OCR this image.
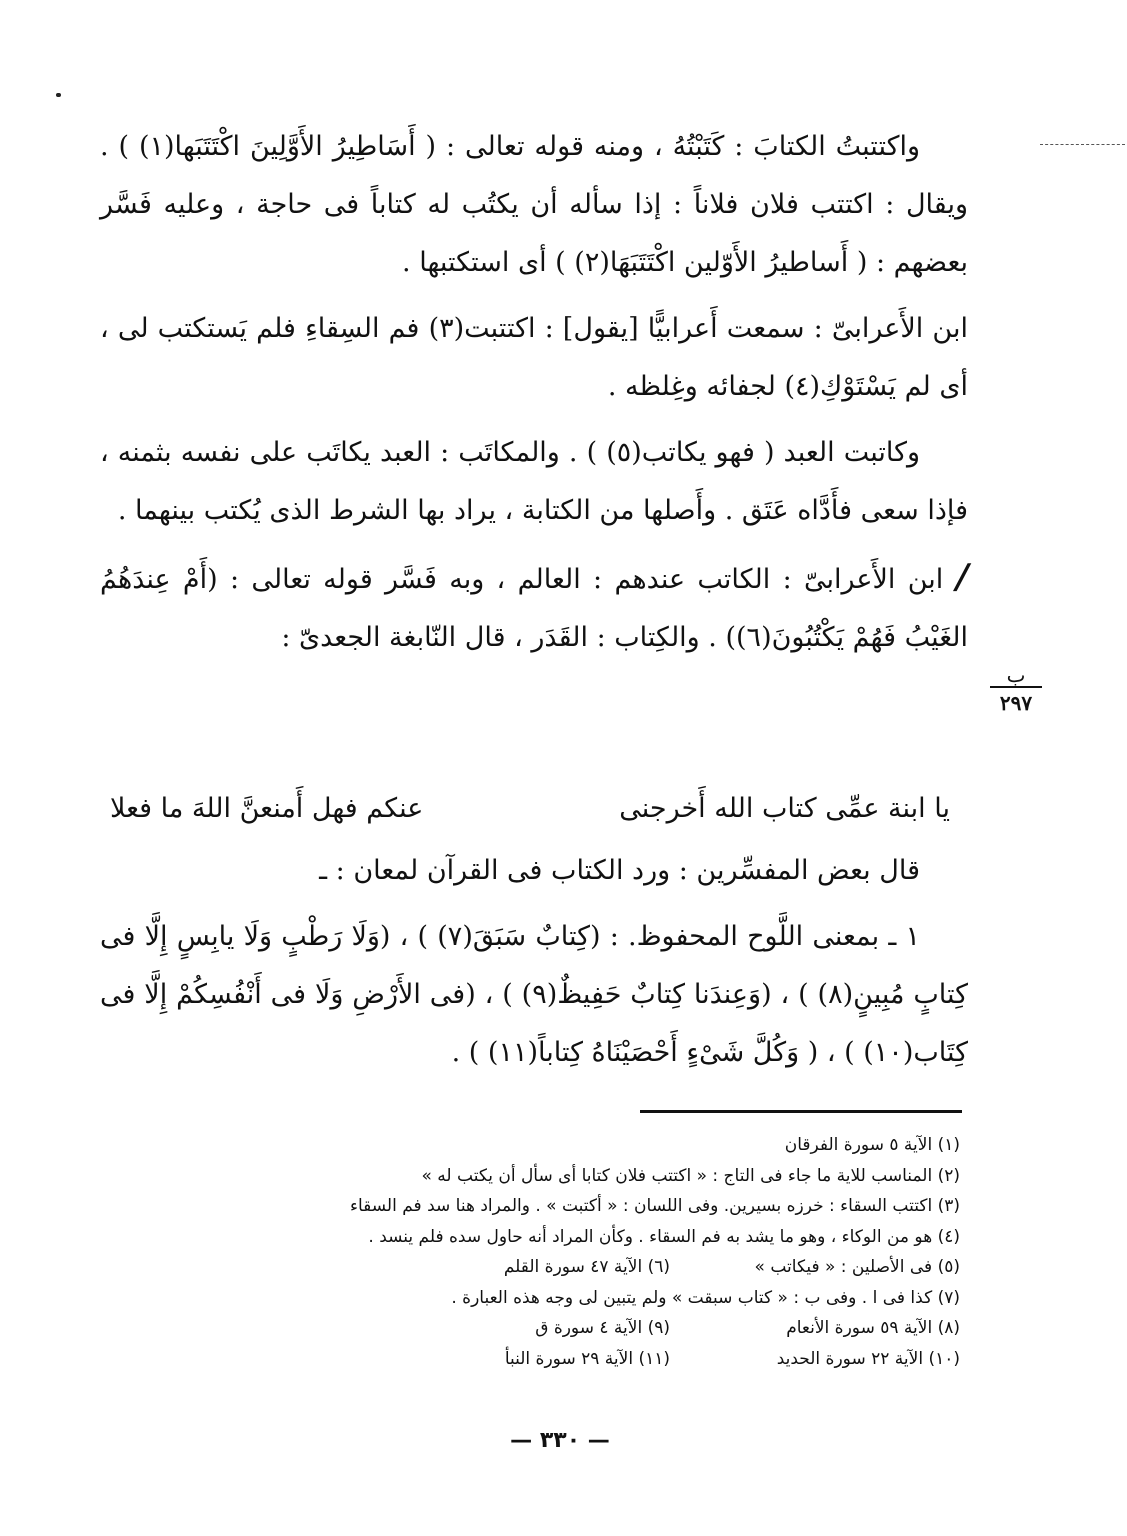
واكتتبتُ الكتابَ : كَتَبْتُهُ ، ومنه قوله تعالى : ( أَسَاطِيرُ الأَوَّلِينَ اكْتَتَبَها(١) ) . ويقال : اكتتب فلان فلاناً : إذا سأله أن يكتُب له كتاباً فى حاجة ، وعليه فَسَّر بعضهم : ( أَساطيرُ الأَوّلين اكْتَتَبَهَا(٢) ) أى استكتبها .

ابن الأَعرابىّ : سمعت أَعرابيًّا [يقول] : اكتتبت(٣) فم السِقاءِ فلم يَستكتب لى ، أى لم يَسْتَوْكِ(٤) لجفائه وغِلظه .

وكاتبت العبد ( فهو يكاتب(٥) ) . والمكاتَب : العبد يكاتَب على نفسه بثمنه ، فإذا سعى فأَدَّاه عَتَق . وأَصلها من الكتابة ، يراد بها الشرط الذى يُكتب بينهما .

/ ابن الأَعرابىّ : الكاتب عندهم : العالم ، وبه فَسَّر قوله تعالى : (أَمْ عِندَهُمُ الغَيْبُ فَهُمْ يَكْتُبُونَ(٦)) . والكِتاب : القَدَر ، قال النّابغة الجعدىّ :

ب
٢٩٧
يا ابنة عمِّى كتاب الله أَخرجنى
عنكم فهل أَمنعنَّ اللهَ ما فعلا

قال بعض المفسِّرين : ورد الكتاب فى القرآن لمعان : ـ

١ ـ بمعنى اللَّوح المحفوظ. : (كِتابٌ سَبَقَ(٧) ) ، (وَلَا رَطْبٍ وَلَا يابِسٍ إِلَّا فى كِتابٍ مُبِينٍ(٨) ) ، (وَعِندَنا كِتابٌ حَفِيظٌ(٩) ) ، (فى الأَرْضِ وَلَا فى أَنْفُسِكُمْ إِلَّا فى كِتَاب(١٠) ) ، ( وَكُلَّ شَىْءٍ أَحْصَيْنَاهُ كِتاباً(١١) ) .

(١) الآية ٥ سورة الفرقان
(٢) المناسب للاية ما جاء فى التاج : « اكتتب فلان كتابا أى سأل أن يكتب له »
(٣) اكتتب السقاء : خرزه بسيرين. وفى اللسان : « أكتبت » . والمراد هنا سد فم السقاء
(٤) هو من الوكاء ، وهو ما يشد به فم السقاء . وكأن المراد أنه حاول سده فلم ينسد .
(٥) فى الأصلين : « فيكاتب »
(٦) الآية ٤٧ سورة القلم
(٧) كذا فى ا . وفى ب : « كتاب سبقت » ولم يتبين لى وجه هذه العبارة .
(٨) الآية ٥٩ سورة الأنعام
(٩) الآية ٤ سورة ق
(١٠) الآية ٢٢ سورة الحديد
(١١) الآية ٢٩ سورة النبأ
— ٣٣٠ —
